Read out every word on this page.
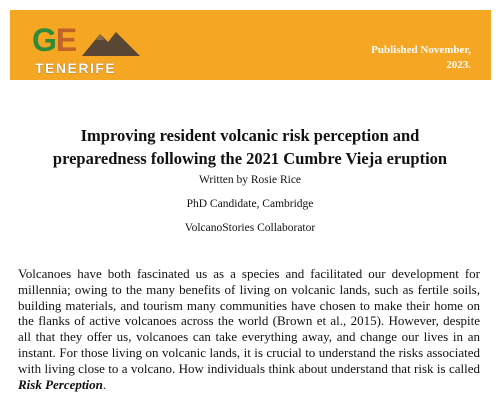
GE
TENERIFE
Published November,
2023.
Improving resident volcanic risk perception and
preparedness following the 2021 Cumbre Vieja eruption
Written by Rosie Rice
PhD Candidate, Cambridge
VolcanoStories Collaborator

Volcanoes have both fascinated us as a species and facilitated our development for millennia; owing to the many benefits of living on volcanic lands, such as fertile soils, building materials, and tourism many communities have chosen to make their home on the flanks of active volcanoes across the world (Brown et al., 2015). However, despite all that they offer us, volcanoes can take everything away, and change our lives in an instant. For those living on volcanic lands, it is crucial to understand the risks associated with living close to a volcano. How individuals think about understand that risk is called Risk Perception.
